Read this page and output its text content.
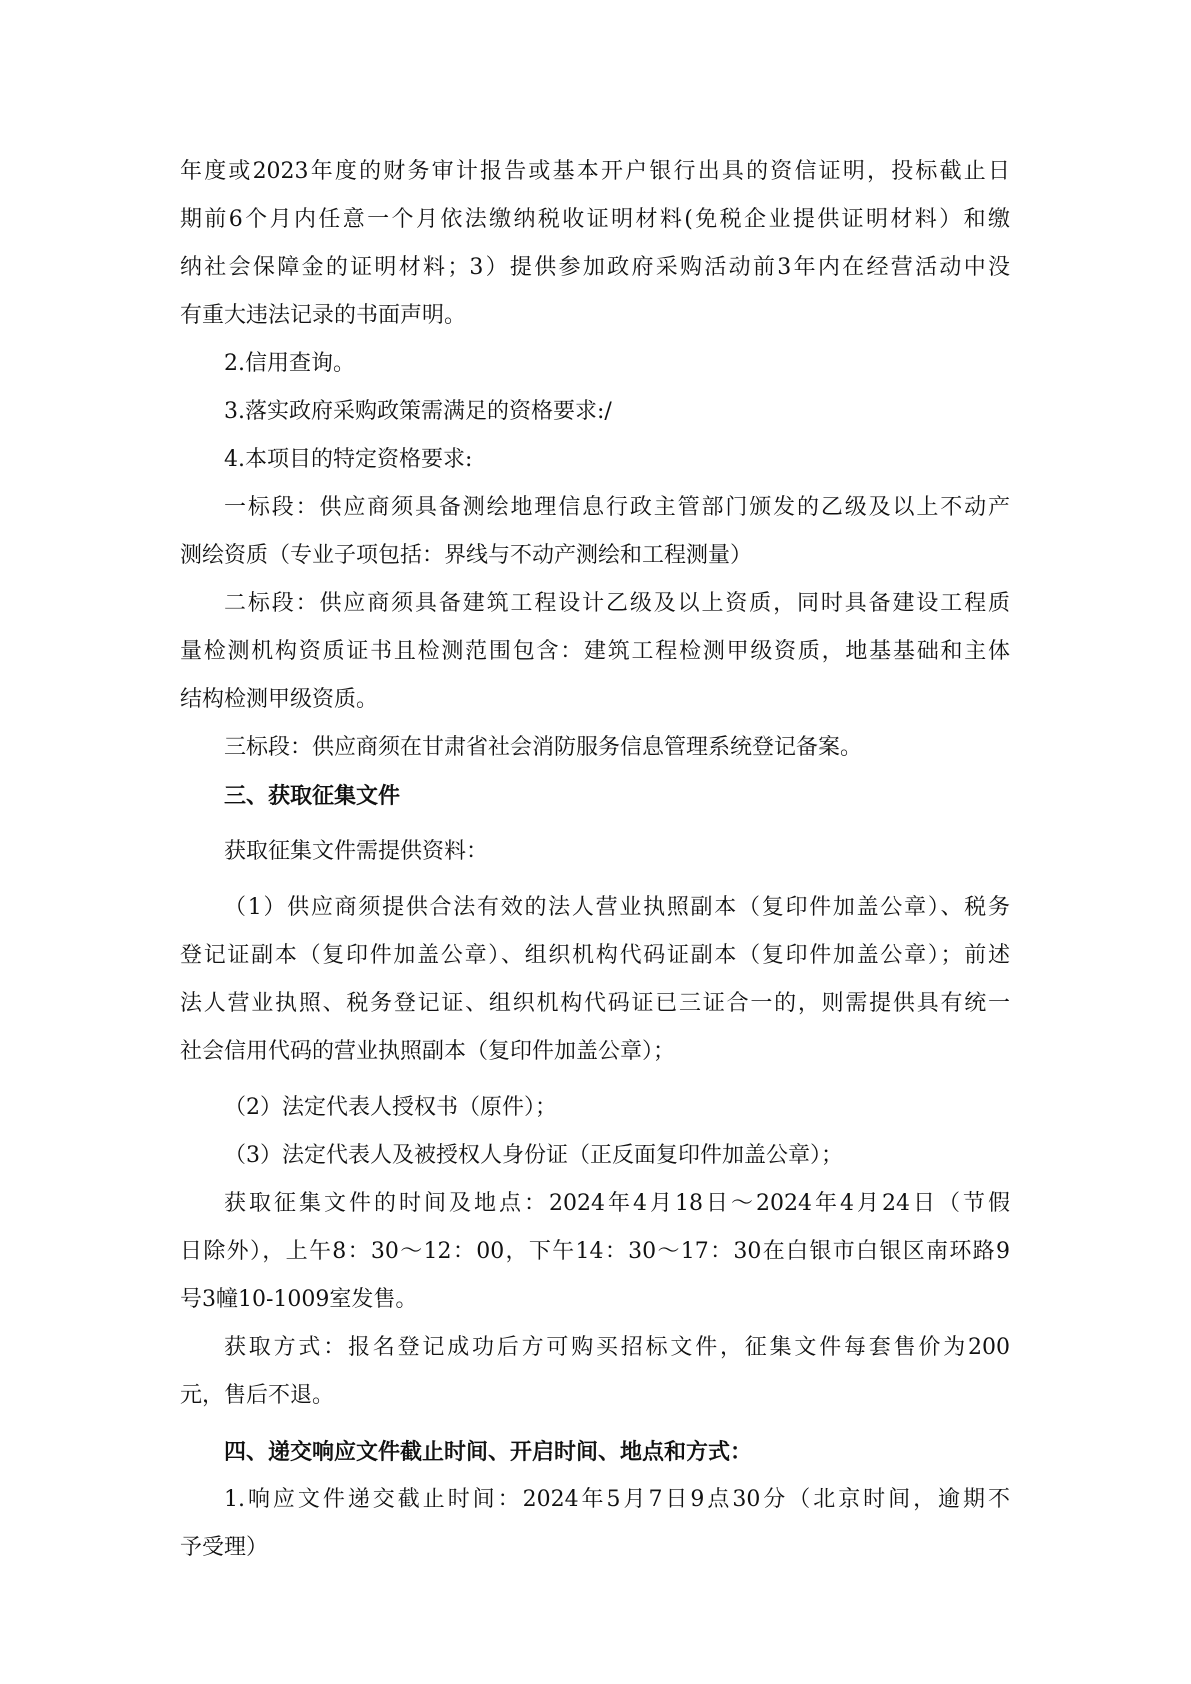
年度或2023年度的财务审计报告或基本开户银行出具的资信证明，投标截止日
期前6个月内任意一个月依法缴纳税收证明材料(免税企业提供证明材料）和缴
纳社会保障金的证明材料；3）提供参加政府采购活动前3年内在经营活动中没
有重大违法记录的书面声明。
2.信用查询。
3.落实政府采购政策需满足的资格要求:/
4.本项目的特定资格要求:
一标段：供应商须具备测绘地理信息行政主管部门颁发的乙级及以上不动产
测绘资质（专业子项包括：界线与不动产测绘和工程测量）
二标段：供应商须具备建筑工程设计乙级及以上资质，同时具备建设工程质
量检测机构资质证书且检测范围包含：建筑工程检测甲级资质，地基基础和主体
结构检测甲级资质。
三标段：供应商须在甘肃省社会消防服务信息管理系统登记备案。
三、获取征集文件
获取征集文件需提供资料：
（1）供应商须提供合法有效的法人营业执照副本（复印件加盖公章）、税务
登记证副本（复印件加盖公章）、组织机构代码证副本（复印件加盖公章）；前述
法人营业执照、税务登记证、组织机构代码证已三证合一的，则需提供具有统一
社会信用代码的营业执照副本（复印件加盖公章）；
（2）法定代表人授权书（原件）；
（3）法定代表人及被授权人身份证（正反面复印件加盖公章）；
获取征集文件的时间及地点：2024年4月18日～2024年4月24日（节假
日除外），上午8：30～12：00，下午14：30～17：30在白银市白银区南环路9
号3幢10-1009室发售。
获取方式：报名登记成功后方可购买招标文件，征集文件每套售价为200
元，售后不退。
四、递交响应文件截止时间、开启时间、地点和方式：
1.响应文件递交截止时间：2024年5月7日9点30分（北京时间，逾期不
予受理）
